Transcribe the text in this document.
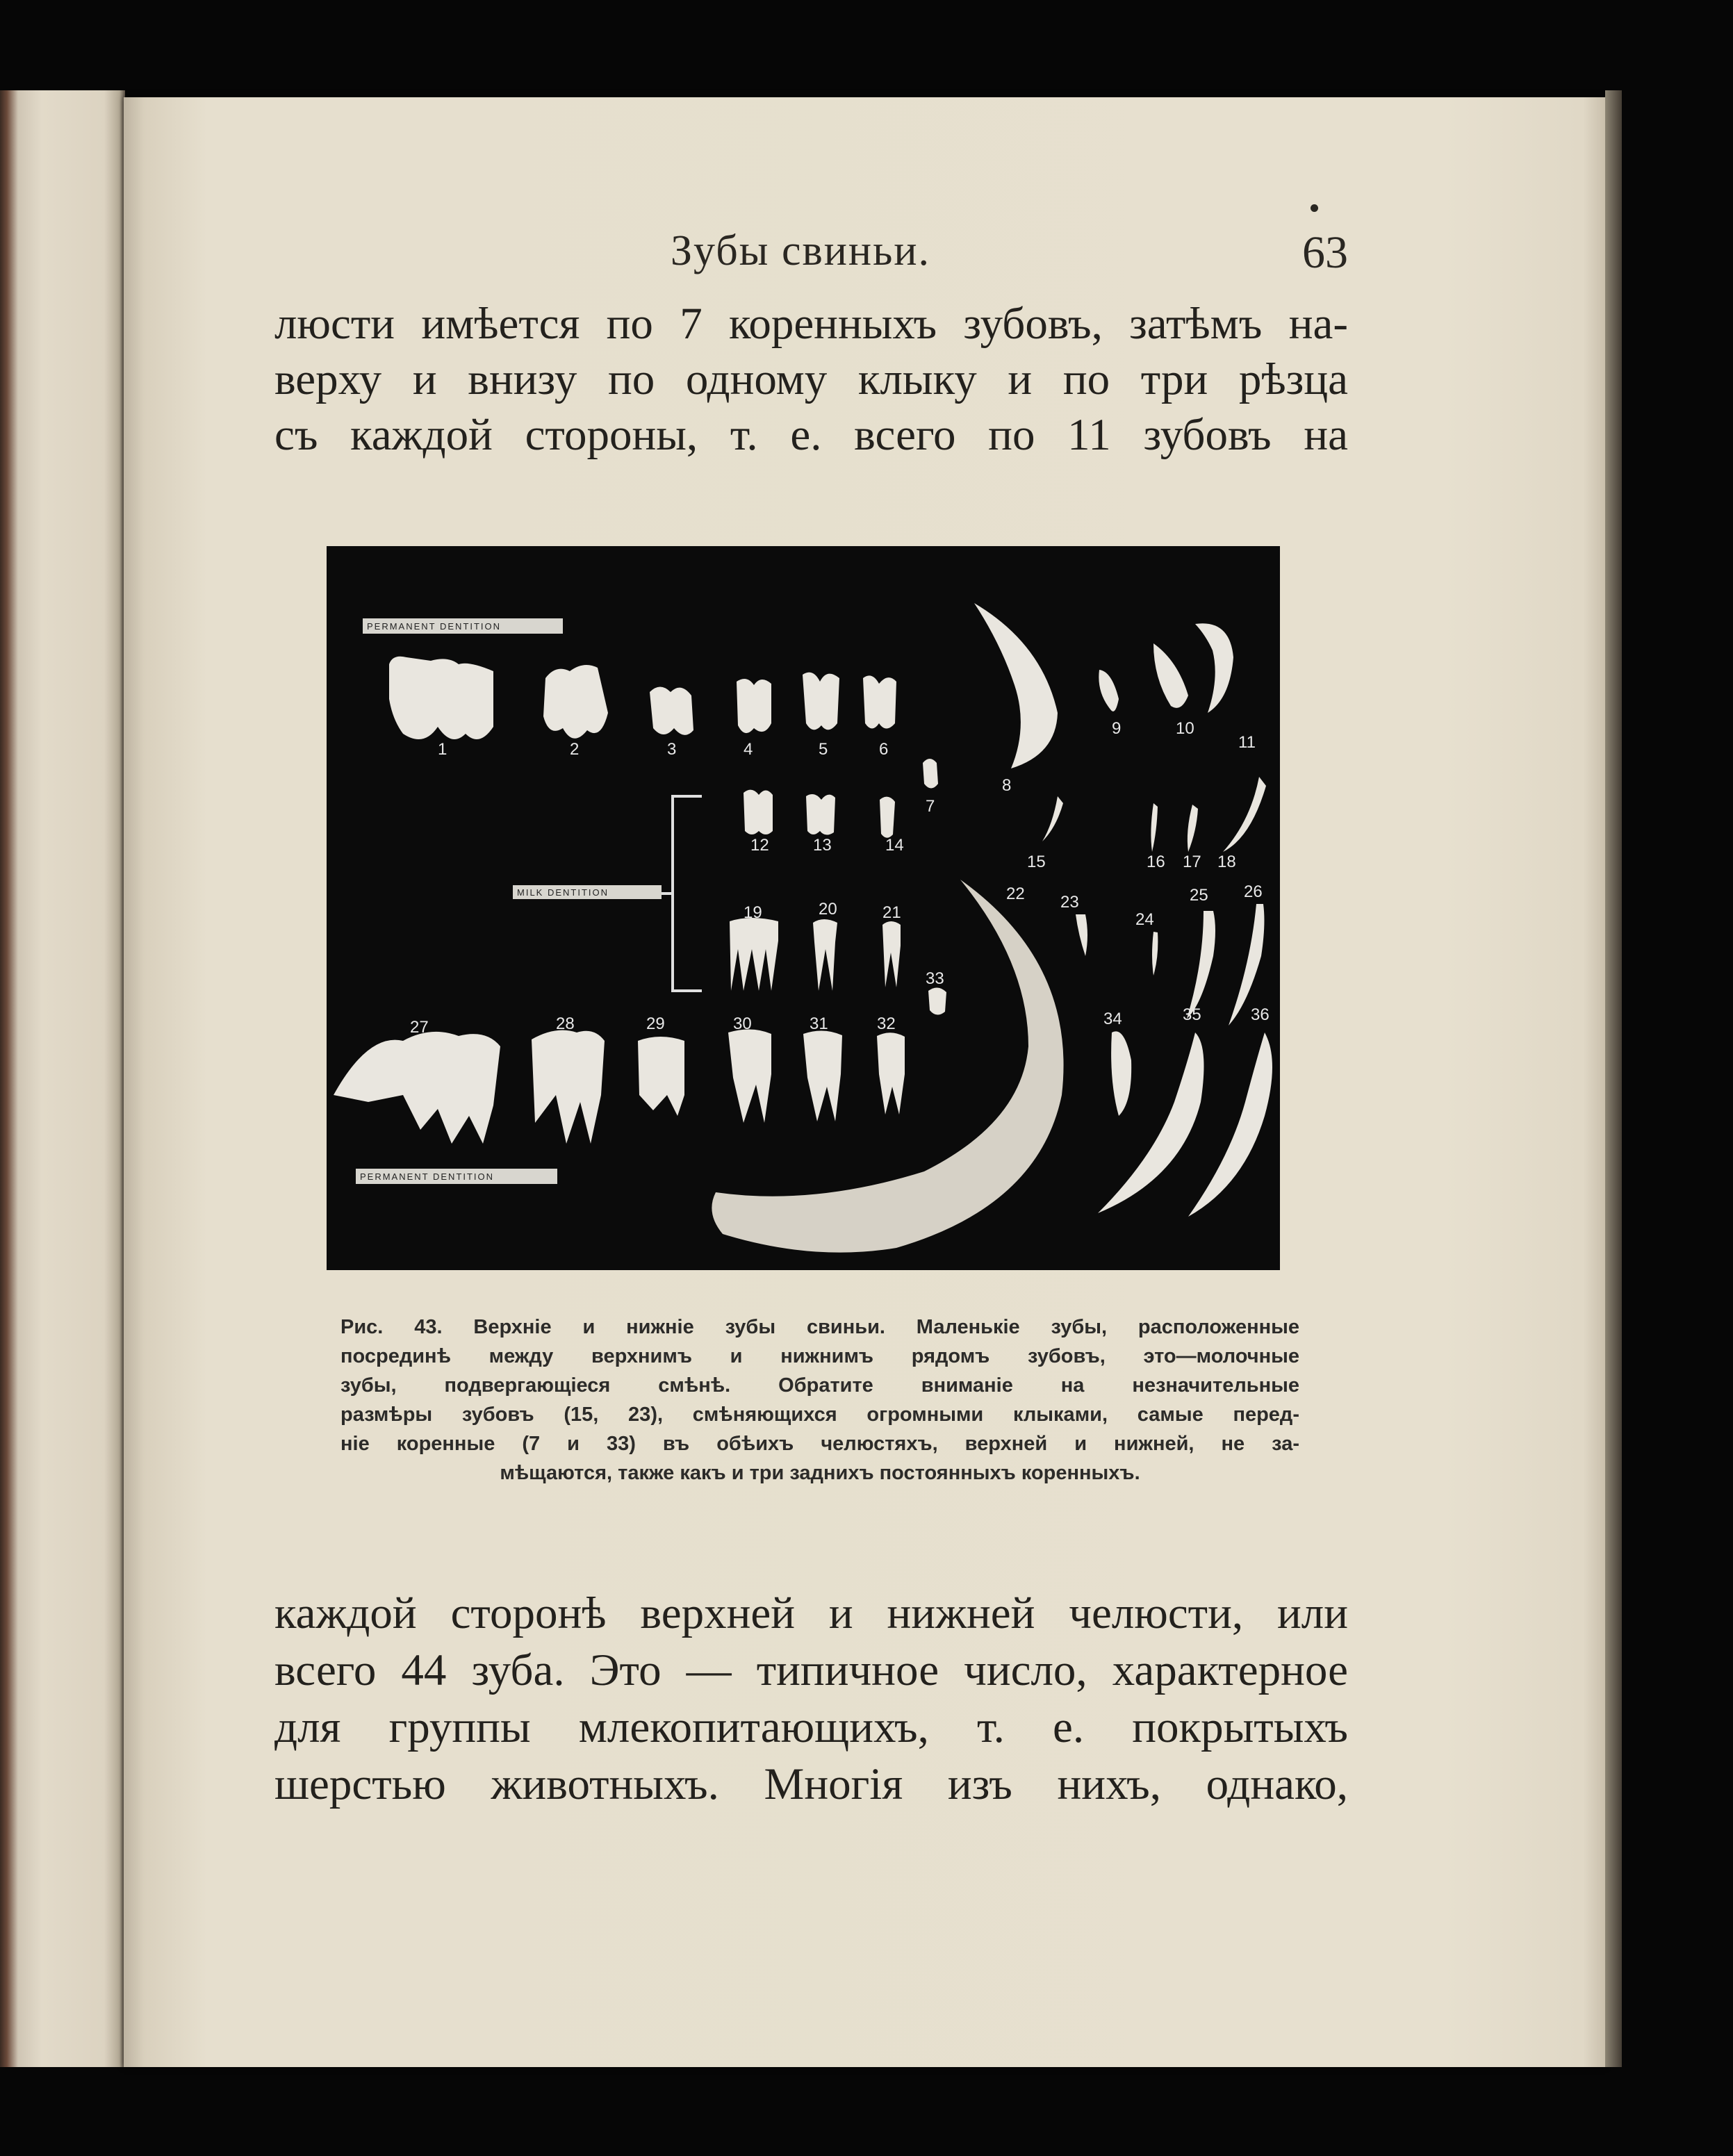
Зубы свиньи.	63
люсти имѣется по 7 коренныхъ зубовъ, затѣмъ на-
верху и внизу по одному клыку и по три рѣзца
съ каждой стороны, т. е. всего по 11 зубовъ на
PERMANENT DENTITION
MILK DENTITION
PERMANENT DENTITION
1	2	3	4	5	6
7
8
9	10
11
12	13	14
15	16 17 18
19	20	21
22 23
24
25 26
27	28	29	30	31	32
33
34	35	36
Рис. 43. Верхніе и нижніе зубы свиньи. Маленькіе зубы, расположенные
посрединѣ между верхнимъ и нижнимъ рядомъ зубовъ, это—молочные
зубы, подвергающіеся смѣнѣ. Обратите вниманіе на незначительные
размѣры зубовъ (15, 23), смѣняющихся огромными клыками, самые перед-
ніе коренные (7 и 33) въ обѣихъ челюстяхъ, верхней и нижней, не за-
мѣщаются, также какъ и три заднихъ постоянныхъ коренныхъ.
каждой сторонѣ верхней и нижней челюсти, или
всего 44 зуба. Это — типичное число, характерное
для группы млекопитающихъ, т. е. покрытыхъ
шерстью животныхъ. Многія изъ нихъ, однако,
